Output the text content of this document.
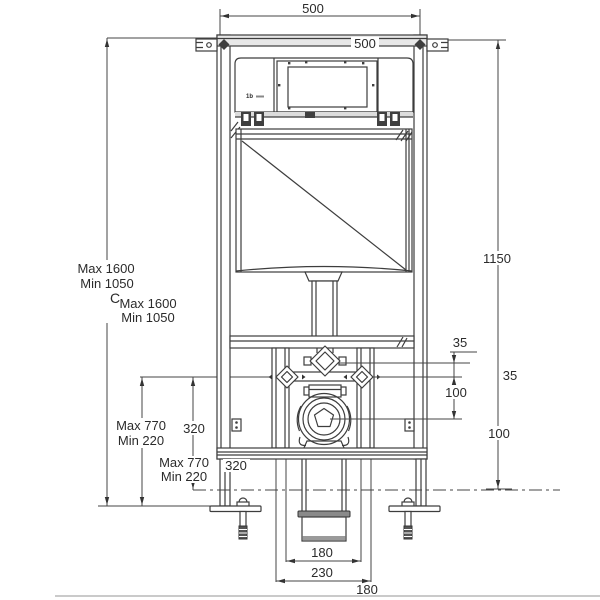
1b
500
500
1150
35
100
35
100
Max 1600
Min 1050
C Max 1600
Min 1050
Max 770
Min 220
320
Max 770
Min 220
320
180
230
180
